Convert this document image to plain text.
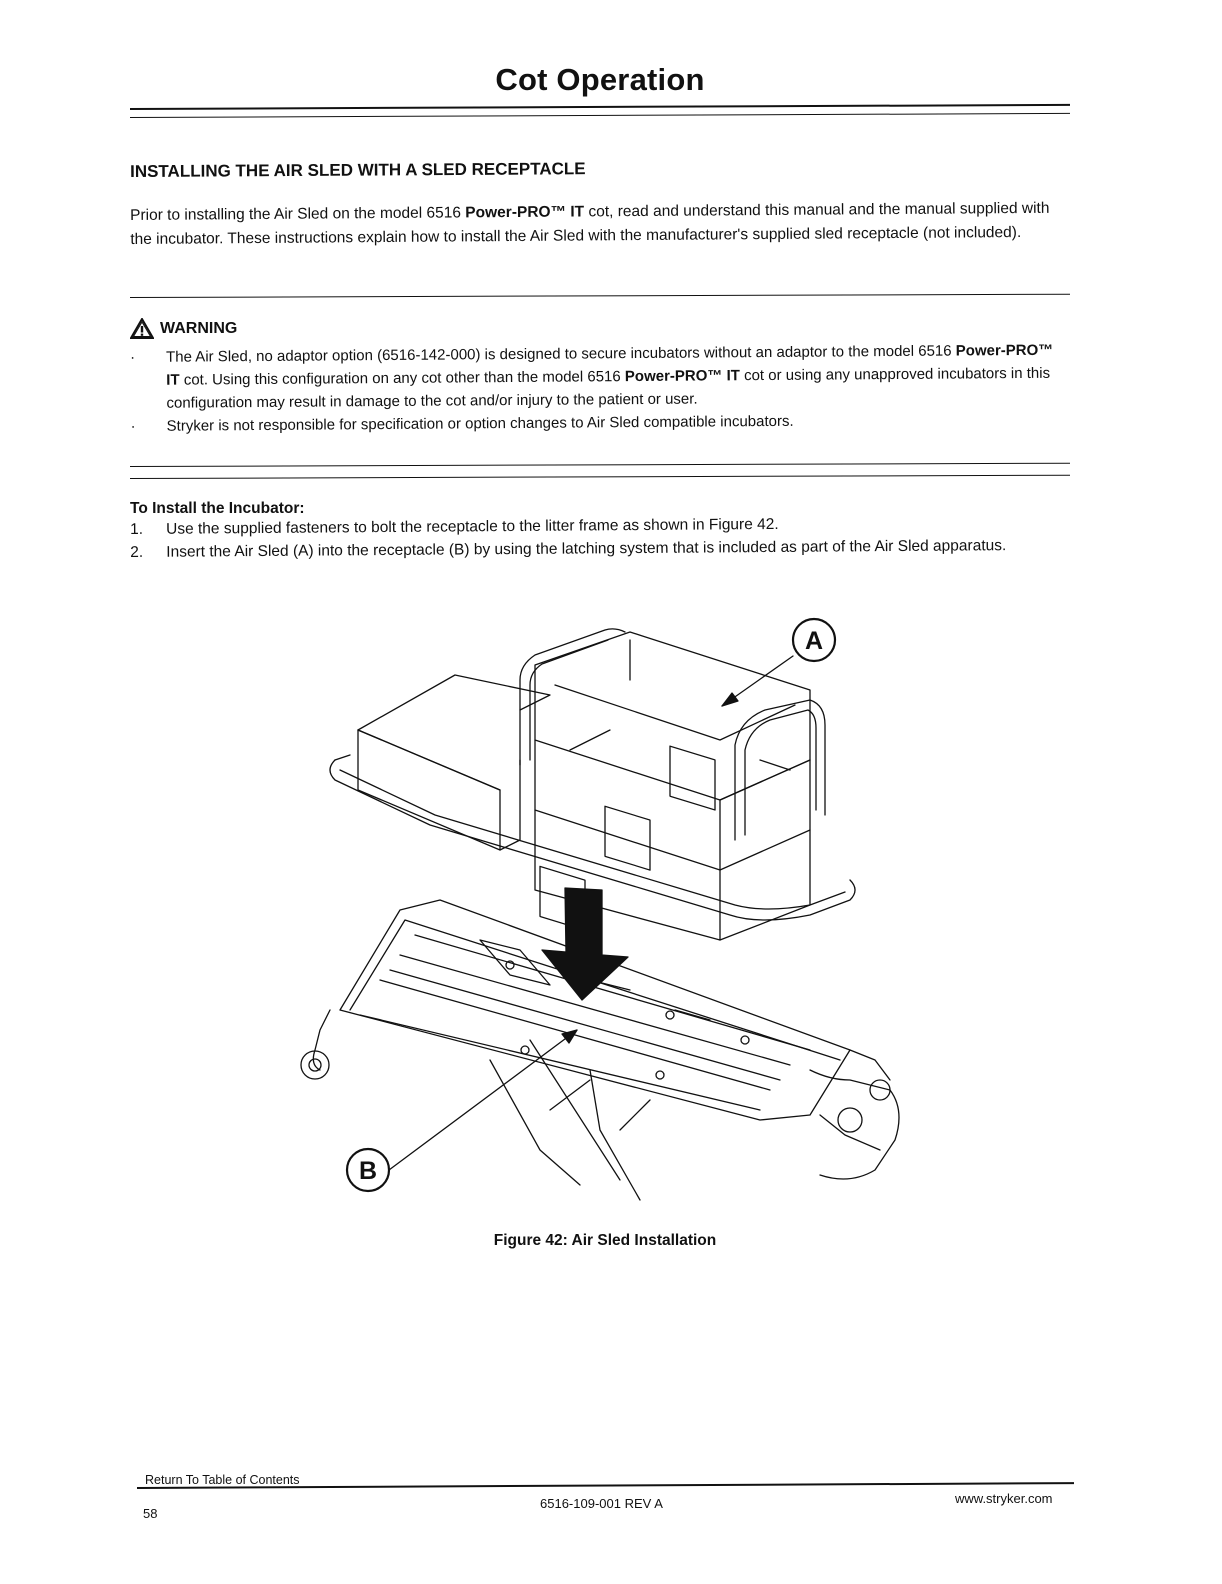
Cot Operation
INSTALLING THE AIR SLED WITH A SLED RECEPTACLE
Prior to installing the Air Sled on the model 6516 Power-PRO™ IT cot, read and understand this manual and the manual supplied with the incubator. These instructions explain how to install the Air Sled with the manufacturer's supplied sled receptacle (not included).
WARNING
· The Air Sled, no adaptor option (6516-142-000) is designed to secure incubators without an adaptor to the model 6516 Power-PRO™ IT cot. Using this configuration on any cot other than the model 6516 Power-PRO™ IT cot or using any unapproved incubators in this configuration may result in damage to the cot and/or injury to the patient or user.
· Stryker is not responsible for specification or option changes to Air Sled compatible incubators.
To Install the Incubator:
1. Use the supplied fasteners to bolt the receptacle to the litter frame as shown in Figure 42.
2. Insert the Air Sled (A) into the receptacle (B) by using the latching system that is included as part of the Air Sled apparatus.
A
B
Figure 42: Air Sled Installation
Return To Table of Contents
58
6516-109-001 REV A	www.stryker.com
